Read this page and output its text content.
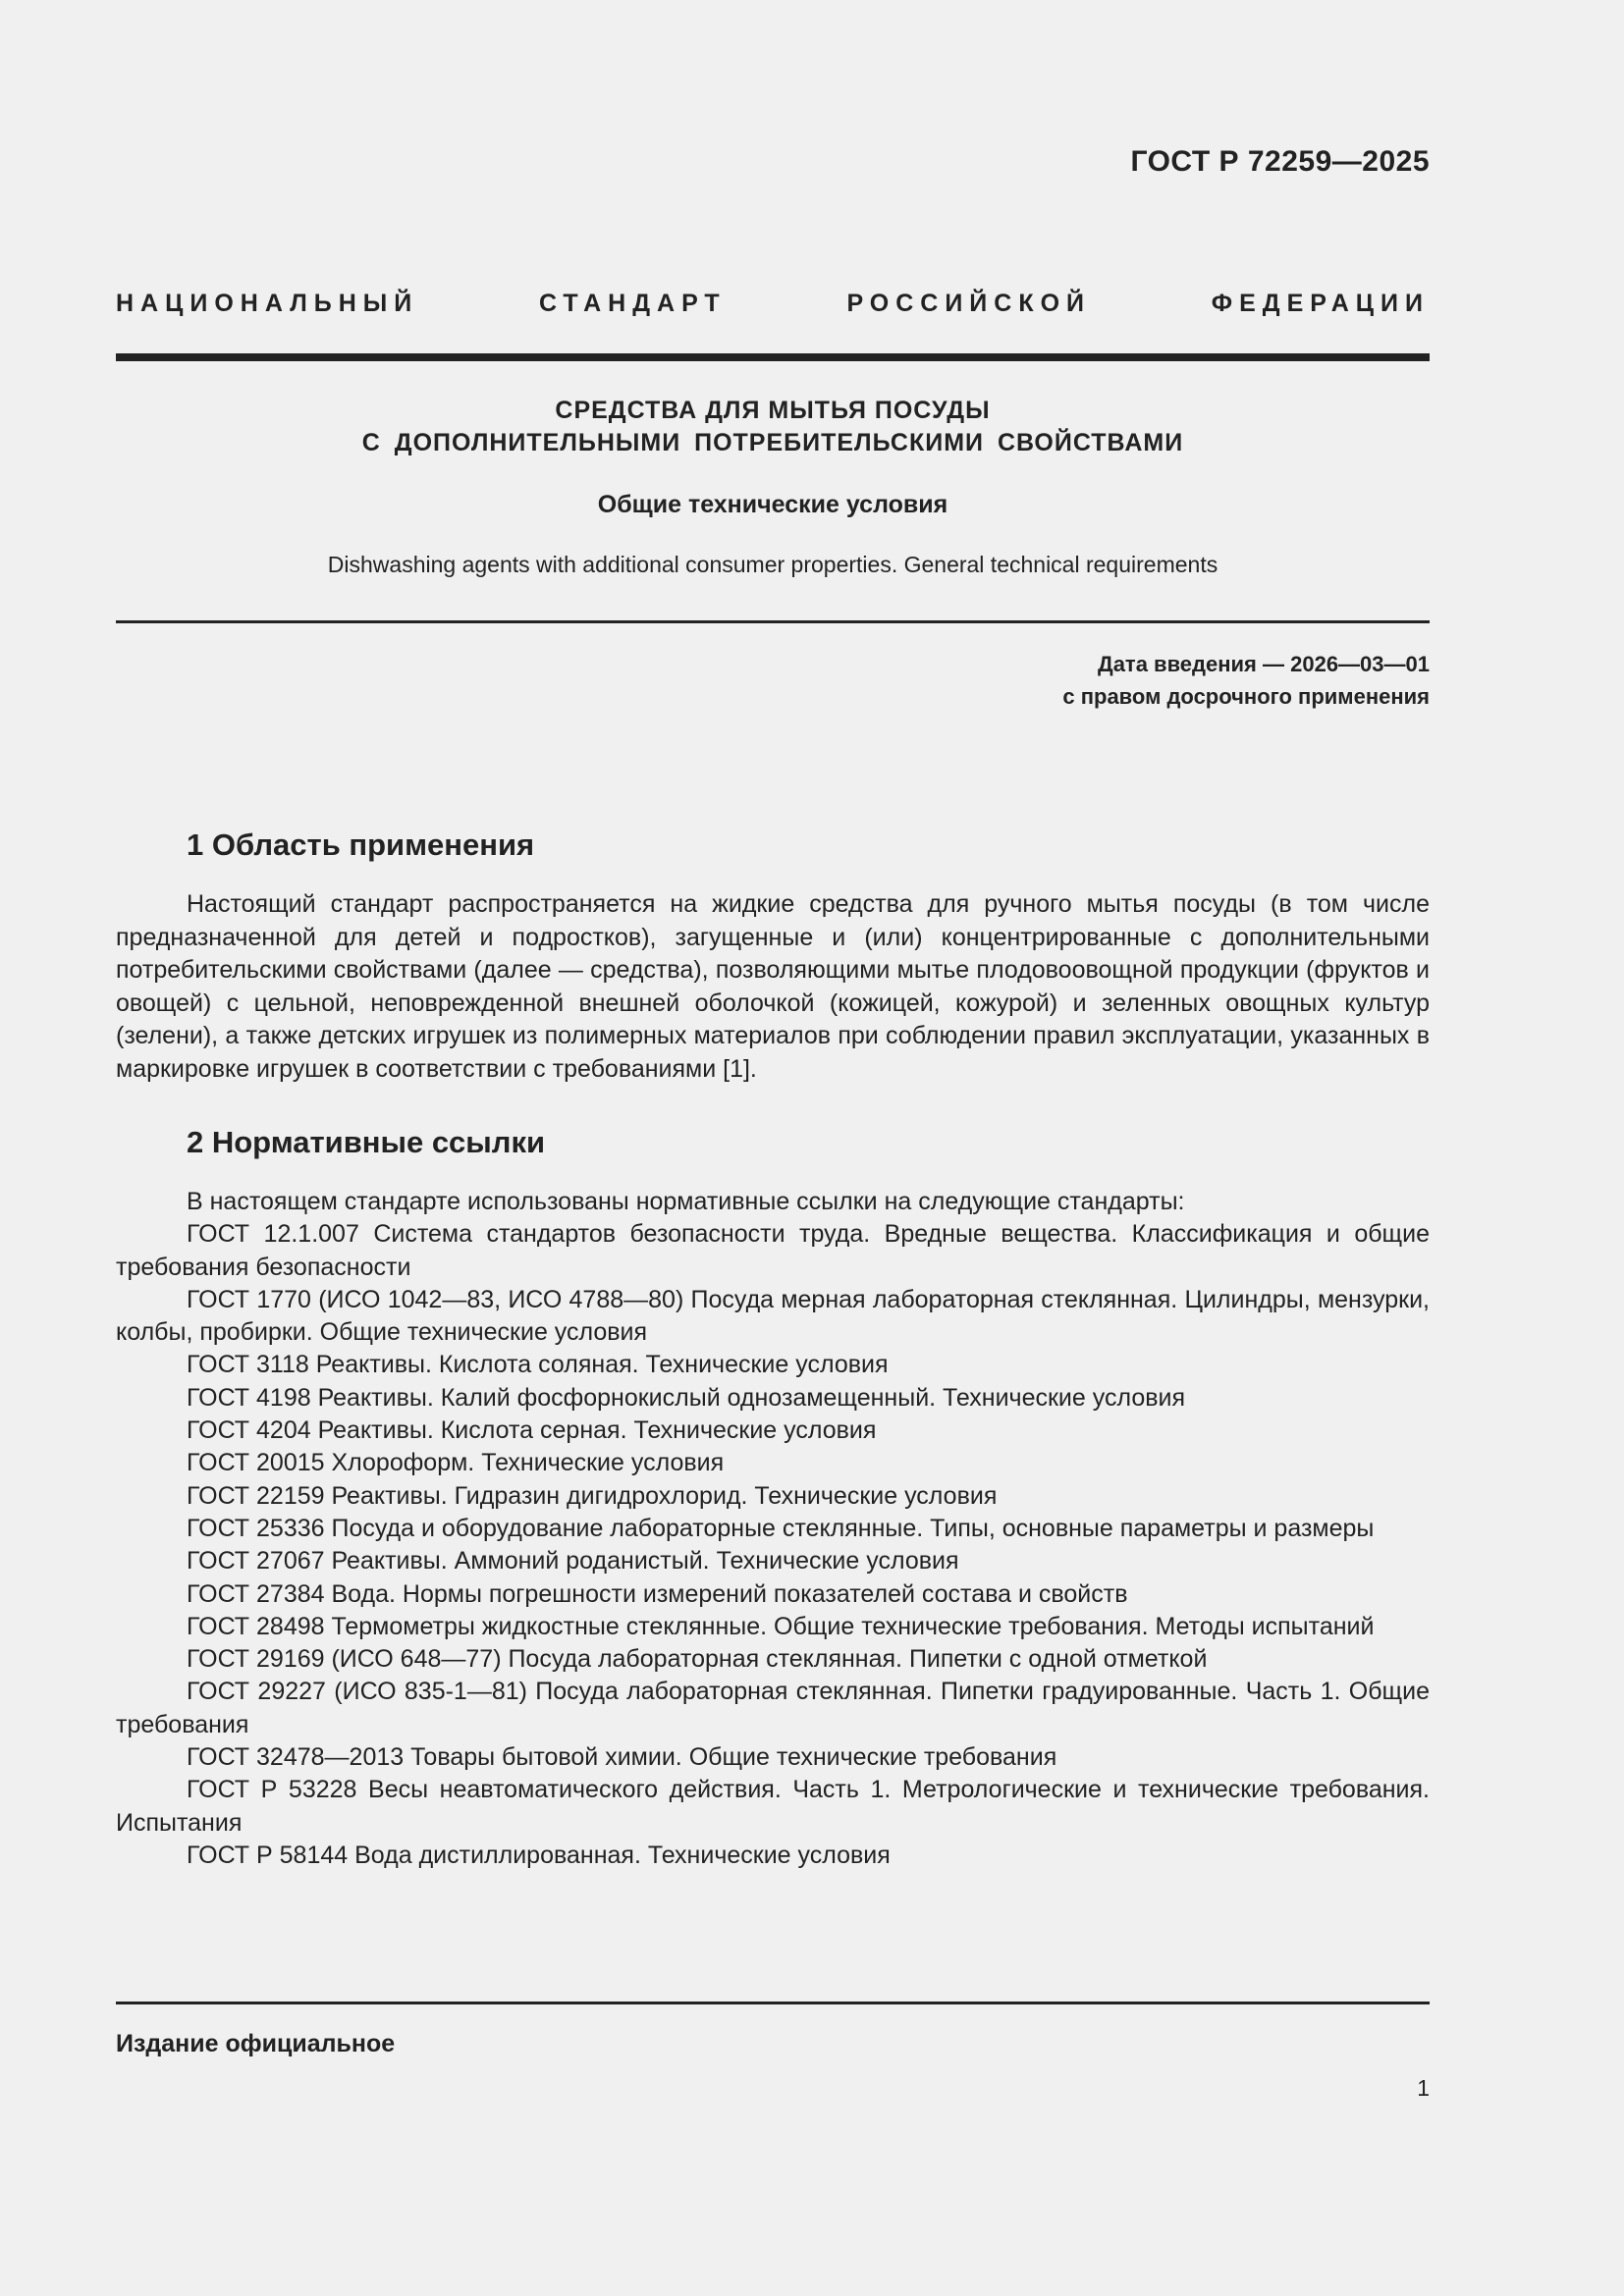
ГОСТ Р 72259—2025
НАЦИОНАЛЬНЫЙ СТАНДАРТ РОССИЙСКОЙ ФЕДЕРАЦИИ
СРЕДСТВА ДЛЯ МЫТЬЯ ПОСУДЫ
С ДОПОЛНИТЕЛЬНЫМИ ПОТРЕБИТЕЛЬСКИМИ СВОЙСТВАМИ
Общие технические условия
Dishwashing agents with additional consumer properties. General technical requirements
Дата введения — 2026—03—01
с правом досрочного применения
1 Область применения
Настоящий стандарт распространяется на жидкие средства для ручного мытья посуды (в том числе предназначенной для детей и подростков), загущенные и (или) концентрированные с дополнительными потребительскими свойствами (далее — средства), позволяющими мытье плодовоовощной продукции (фруктов и овощей) с цельной, неповрежденной внешней оболочкой (кожицей, кожурой) и зеленных овощных культур (зелени), а также детских игрушек из полимерных материалов при соблюдении правил эксплуатации, указанных в маркировке игрушек в соответствии с требованиями [1].
2 Нормативные ссылки
В настоящем стандарте использованы нормативные ссылки на следующие стандарты:
ГОСТ 12.1.007 Система стандартов безопасности труда. Вредные вещества. Классификация и общие требования безопасности
ГОСТ 1770 (ИСО 1042—83, ИСО 4788—80) Посуда мерная лабораторная стеклянная. Цилиндры, мензурки, колбы, пробирки. Общие технические условия
ГОСТ 3118 Реактивы. Кислота соляная. Технические условия
ГОСТ 4198 Реактивы. Калий фосфорнокислый однозамещенный. Технические условия
ГОСТ 4204 Реактивы. Кислота серная. Технические условия
ГОСТ 20015 Хлороформ. Технические условия
ГОСТ 22159 Реактивы. Гидразин дигидрохлорид. Технические условия
ГОСТ 25336 Посуда и оборудование лабораторные стеклянные. Типы, основные параметры и размеры
ГОСТ 27067 Реактивы. Аммоний роданистый. Технические условия
ГОСТ 27384 Вода. Нормы погрешности измерений показателей состава и свойств
ГОСТ 28498 Термометры жидкостные стеклянные. Общие технические требования. Методы испытаний
ГОСТ 29169 (ИСО 648—77) Посуда лабораторная стеклянная. Пипетки с одной отметкой
ГОСТ 29227 (ИСО 835-1—81) Посуда лабораторная стеклянная. Пипетки градуированные. Часть 1. Общие требования
ГОСТ 32478—2013 Товары бытовой химии. Общие технические требования
ГОСТ Р 53228 Весы неавтоматического действия. Часть 1. Метрологические и технические требования. Испытания
ГОСТ Р 58144 Вода дистиллированная. Технические условия
Издание официальное
1
